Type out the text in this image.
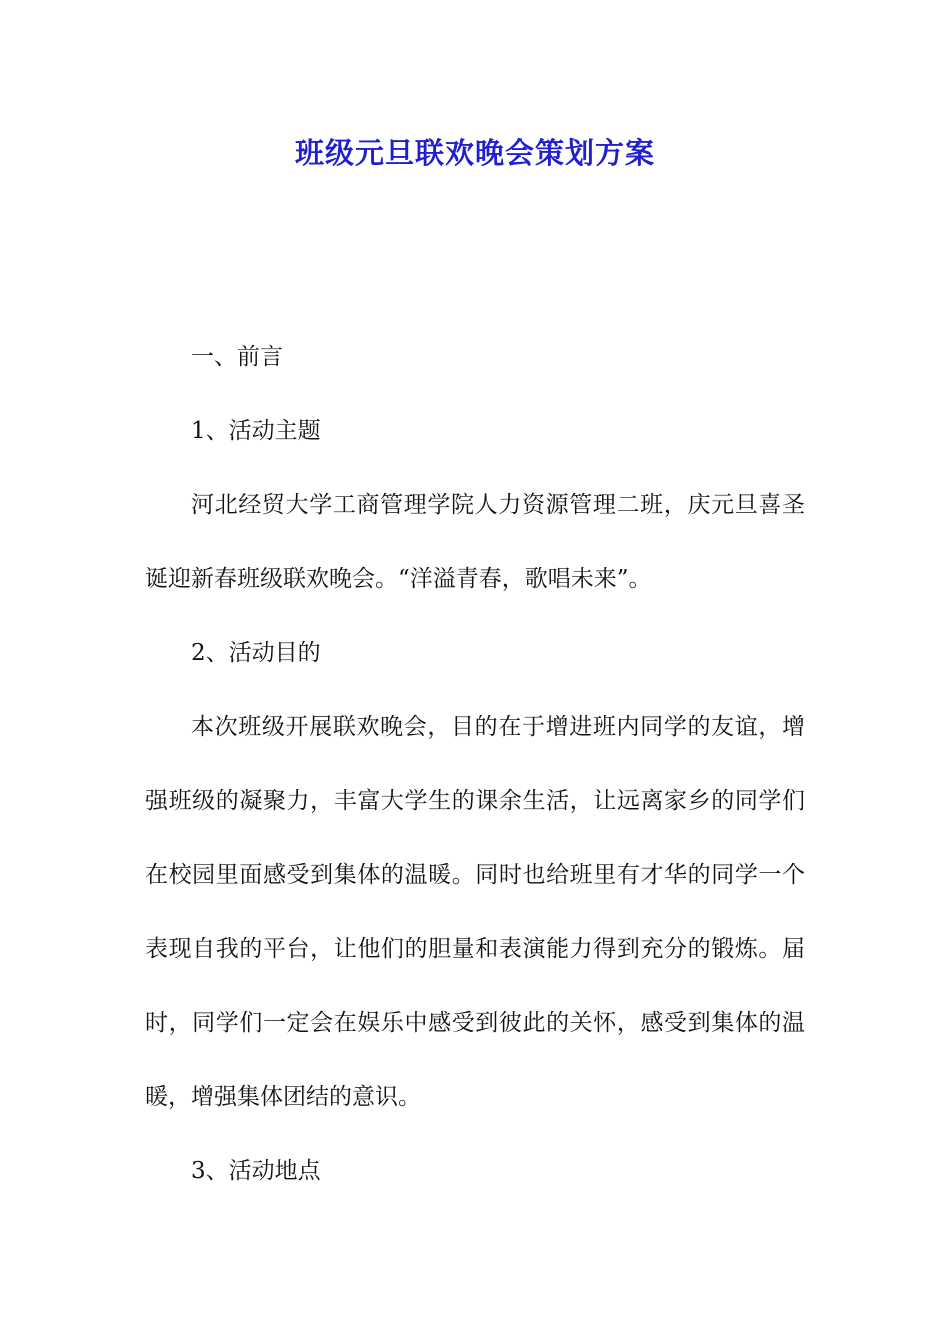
班级元旦联欢晚会策划方案

一、前言

1、活动主题

河北经贸大学工商管理学院人力资源管理二班，庆元旦喜圣诞迎新春班级联欢晚会。“洋溢青春，歌唱未来”。

2、活动目的

本次班级开展联欢晚会，目的在于增进班内同学的友谊，增强班级的凝聚力，丰富大学生的课余生活，让远离家乡的同学们在校园里面感受到集体的温暖。同时也给班里有才华的同学一个表现自我的平台，让他们的胆量和表演能力得到充分的锻炼。届时，同学们一定会在娱乐中感受到彼此的关怀，感受到集体的温暖，增强集体团结的意识。

3、活动地点
